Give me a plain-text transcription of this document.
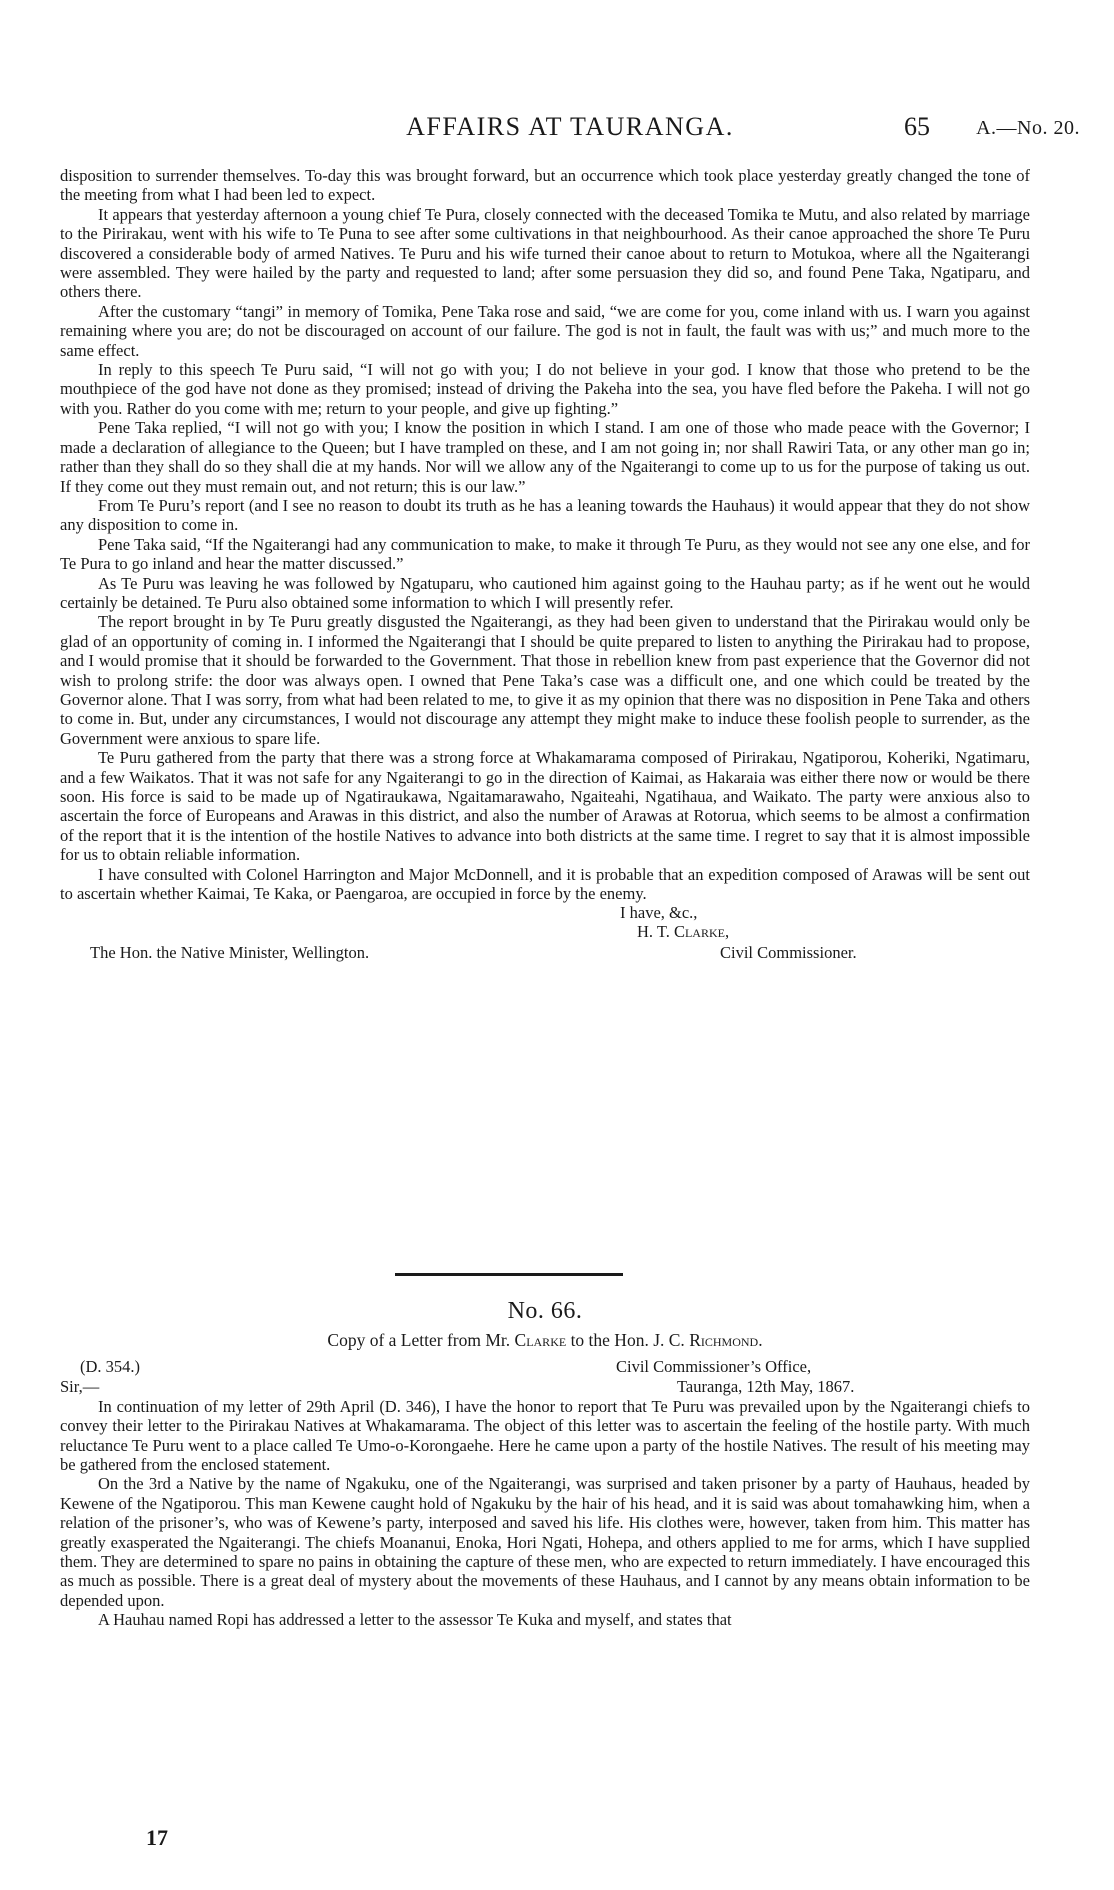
AFFAIRS AT TAURANGA.	65 A.—No. 20.

disposition to surrender themselves. To-day this was brought forward, but an occurrence which took place yesterday greatly changed the tone of the meeting from what I had been led to expect.

It appears that yesterday afternoon a young chief Te Pura, closely connected with the deceased Tomika te Mutu, and also related by marriage to the Pirirakau, went with his wife to Te Puna to see after some cultivations in that neighbourhood. As their canoe approached the shore Te Puru discovered a considerable body of armed Natives. Te Puru and his wife turned their canoe about to return to Motukoa, where all the Ngaiterangi were assembled. They were hailed by the party and requested to land; after some persuasion they did so, and found Pene Taka, Ngatiparu, and others there.

After the customary “tangi” in memory of Tomika, Pene Taka rose and said, “we are come for you, come inland with us. I warn you against remaining where you are; do not be discouraged on account of our failure. The god is not in fault, the fault was with us;” and much more to the same effect.

In reply to this speech Te Puru said, “I will not go with you; I do not believe in your god. I know that those who pretend to be the mouthpiece of the god have not done as they promised; instead of driving the Pakeha into the sea, you have fled before the Pakeha. I will not go with you. Rather do you come with me; return to your people, and give up fighting.”

Pene Taka replied, “I will not go with you; I know the position in which I stand. I am one of those who made peace with the Governor; I made a declaration of allegiance to the Queen; but I have trampled on these, and I am not going in; nor shall Rawiri Tata, or any other man go in; rather than they shall do so they shall die at my hands. Nor will we allow any of the Ngaiterangi to come up to us for the purpose of taking us out. If they come out they must remain out, and not return; this is our law.”

From Te Puru’s report (and I see no reason to doubt its truth as he has a leaning towards the Hauhaus) it would appear that they do not show any disposition to come in.

Pene Taka said, “If the Ngaiterangi had any communication to make, to make it through Te Puru, as they would not see any one else, and for Te Pura to go inland and hear the matter discussed.”

As Te Puru was leaving he was followed by Ngatuparu, who cautioned him against going to the Hauhau party; as if he went out he would certainly be detained. Te Puru also obtained some information to which I will presently refer.

The report brought in by Te Puru greatly disgusted the Ngaiterangi, as they had been given to understand that the Pirirakau would only be glad of an opportunity of coming in. I informed the Ngaiterangi that I should be quite prepared to listen to anything the Pirirakau had to propose, and I would promise that it should be forwarded to the Government. That those in rebellion knew from past experience that the Governor did not wish to prolong strife: the door was always open. I owned that Pene Taka’s case was a difficult one, and one which could be treated by the Governor alone. That I was sorry, from what had been related to me, to give it as my opinion that there was no disposition in Pene Taka and others to come in. But, under any circumstances, I would not discourage any attempt they might make to induce these foolish people to surrender, as the Government were anxious to spare life.

Te Puru gathered from the party that there was a strong force at Whakamarama composed of Pirirakau, Ngatiporou, Koheriki, Ngatimaru, and a few Waikatos. That it was not safe for any Ngaiterangi to go in the direction of Kaimai, as Hakaraia was either there now or would be there soon. His force is said to be made up of Ngatiraukawa, Ngaitamarawaho, Ngaiteahi, Ngatihaua, and Waikato. The party were anxious also to ascertain the force of Europeans and Arawas in this district, and also the number of Arawas at Rotorua, which seems to be almost a confirmation of the report that it is the intention of the hostile Natives to advance into both districts at the same time. I regret to say that it is almost impossible for us to obtain reliable information.

I have consulted with Colonel Harrington and Major McDonnell, and it is probable that an expedition composed of Arawas will be sent out to ascertain whether Kaimai, Te Kaka, or Paengaroa, are occupied in force by the enemy.

I have, &c.,
H. T. Clarke,
The Hon. the Native Minister, Wellington.	Civil Commissioner.
No. 66.
Copy of a Letter from Mr. Clarke to the Hon. J. C. Richmond.
(D. 354.)	Civil Commissioner’s Office,
Sir,—	Tauranga, 12th May, 1867.

In continuation of my letter of 29th April (D. 346), I have the honor to report that Te Puru was prevailed upon by the Ngaiterangi chiefs to convey their letter to the Pirirakau Natives at Whakamarama. The object of this letter was to ascertain the feeling of the hostile party. With much reluctance Te Puru went to a place called Te Umo-o-Korongaehe. Here he came upon a party of the hostile Natives. The result of his meeting may be gathered from the enclosed statement.

On the 3rd a Native by the name of Ngakuku, one of the Ngaiterangi, was surprised and taken prisoner by a party of Hauhaus, headed by Kewene of the Ngatiporou. This man Kewene caught hold of Ngakuku by the hair of his head, and it is said was about tomahawking him, when a relation of the prisoner’s, who was of Kewene’s party, interposed and saved his life. His clothes were, however, taken from him. This matter has greatly exasperated the Ngaiterangi. The chiefs Moananui, Enoka, Hori Ngati, Hohepa, and others applied to me for arms, which I have supplied them. They are determined to spare no pains in obtaining the capture of these men, who are expected to return immediately. I have encouraged this as much as possible. There is a great deal of mystery about the movements of these Hauhaus, and I cannot by any means obtain information to be depended upon.

A Hauhau named Ropi has addressed a letter to the assessor Te Kuka and myself, and states that

17
